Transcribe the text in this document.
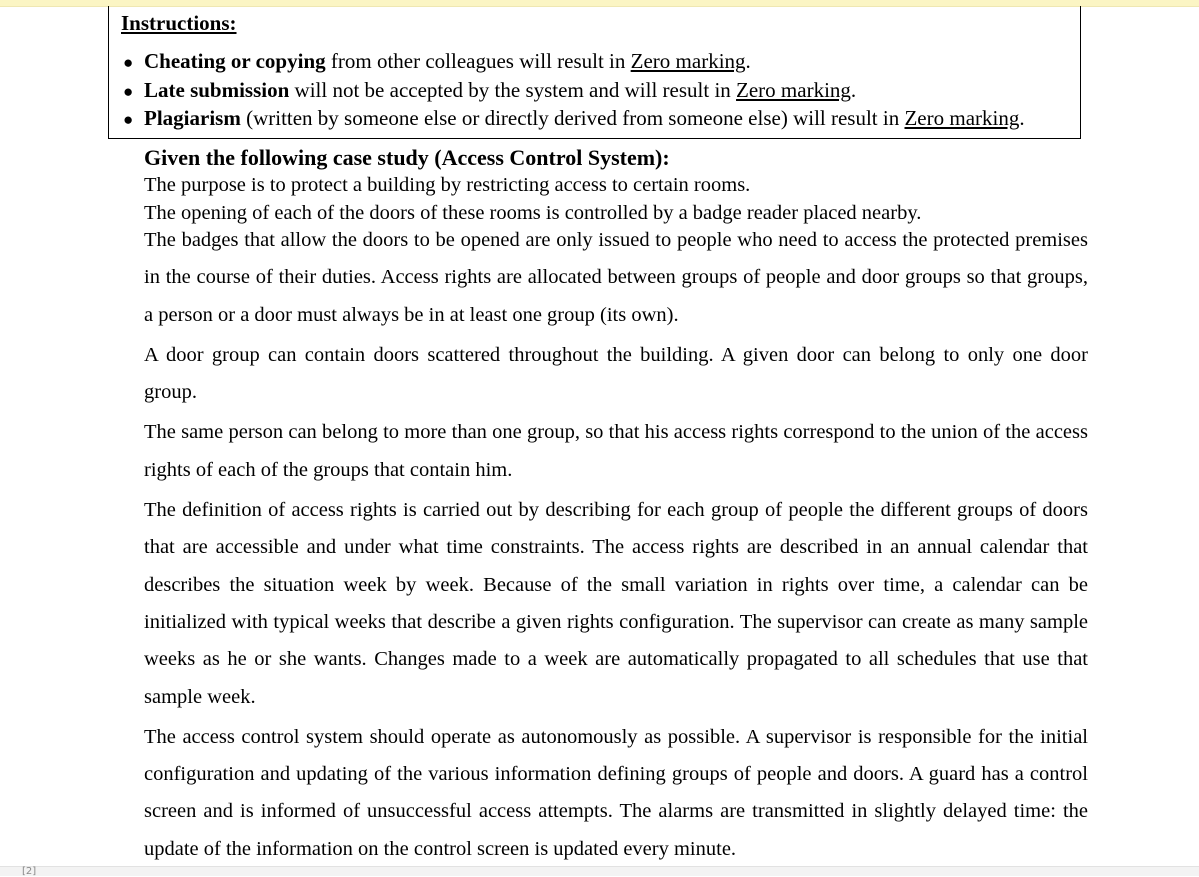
Instructions:

● Cheating or copying from other colleagues will result in Zero marking.
● Late submission will not be accepted by the system and will result in Zero marking.
● Plagiarism (written by someone else or directly derived from someone else) will result in Zero marking.

Given the following case study (Access Control System):

The purpose is to protect a building by restricting access to certain rooms.

The opening of each of the doors of these rooms is controlled by a badge reader placed nearby.

The badges that allow the doors to be opened are only issued to people who need to access the protected premises in the course of their duties. Access rights are allocated between groups of people and door groups so that groups, a person or a door must always be in at least one group (its own).

A door group can contain doors scattered throughout the building. A given door can belong to only one door group.

The same person can belong to more than one group, so that his access rights correspond to the union of the access rights of each of the groups that contain him.

The definition of access rights is carried out by describing for each group of people the different groups of doors that are accessible and under what time constraints. The access rights are described in an annual calendar that describes the situation week by week. Because of the small variation in rights over time, a calendar can be initialized with typical weeks that describe a given rights configuration. The supervisor can create as many sample weeks as he or she wants. Changes made to a week are automatically propagated to all schedules that use that sample week.

The access control system should operate as autonomously as possible. A supervisor is responsible for the initial configuration and updating of the various information defining groups of people and doors. A guard has a control screen and is informed of unsuccessful access attempts. The alarms are transmitted in slightly delayed time: the update of the information on the control screen is updated every minute.

[2]
